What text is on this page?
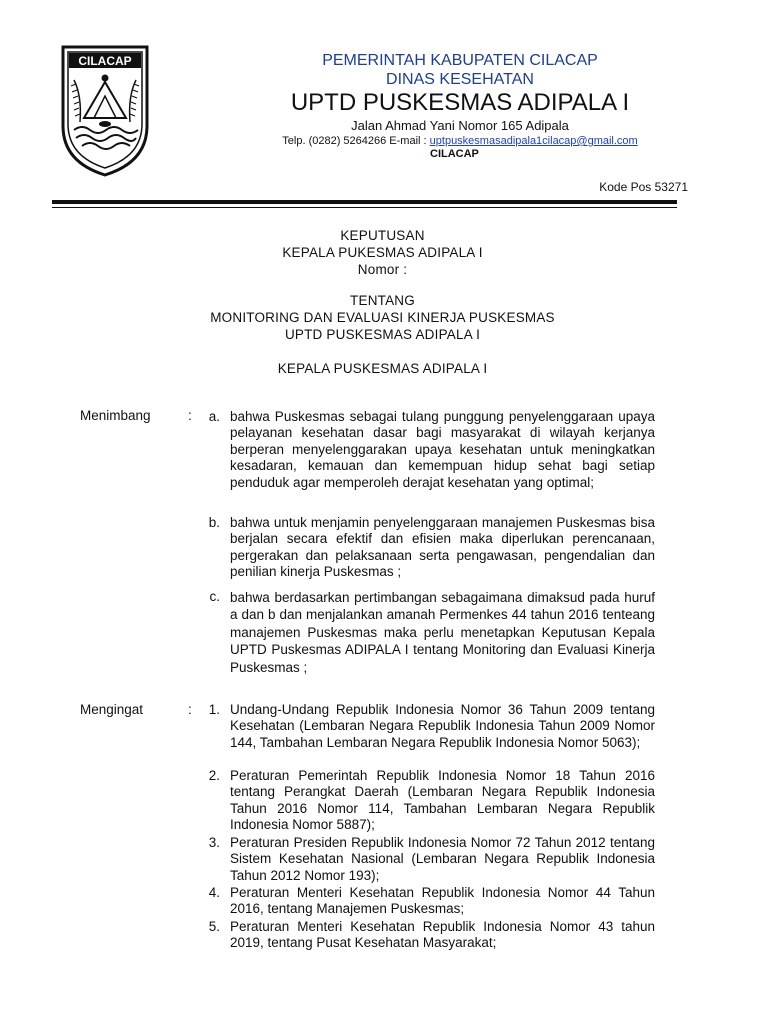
CILACAP	PEMERINTAH KABUPATEN CILACAP
DINAS KESEHATAN
UPTD PUSKESMAS ADIPALA I
Jalan Ahmad Yani Nomor 165 Adipala
Telp. (0282) 5264266 E-mail : uptpuskesmasadipala1cilacap@gmail.com
CILACAP
Kode Pos 53271
KEPUTUSAN
KEPALA PUKESMAS ADIPALA I
Nomor :
TENTANG
MONITORING DAN EVALUASI KINERJA PUSKESMAS
UPTD PUSKESMAS ADIPALA I
KEPALA PUSKESMAS ADIPALA I
Menimbang	:	a. bahwa Puskesmas sebagai tulang punggung penyelenggaraan upaya pelayanan kesehatan dasar bagi masyarakat di wilayah kerjanya berperan menyelenggarakan upaya kesehatan untuk meningkatkan kesadaran, kemauan dan kemempuan hidup sehat bagi setiap penduduk agar memperoleh derajat kesehatan yang optimal;
b. bahwa untuk menjamin penyelenggaraan manajemen Puskesmas bisa berjalan secara efektif dan efisien maka diperlukan perencanaan, pergerakan dan pelaksanaan serta pengawasan, pengendalian dan penilian kinerja Puskesmas ;
c. bahwa berdasarkan pertimbangan sebagaimana dimaksud pada huruf a dan b dan menjalankan amanah Permenkes 44 tahun 2016 tenteang manajemen Puskesmas maka perlu menetapkan Keputusan Kepala UPTD Puskesmas ADIPALA I tentang Monitoring dan Evaluasi Kinerja Puskesmas ;
Mengingat	:	1. Undang-Undang Republik Indonesia Nomor 36 Tahun 2009 tentang Kesehatan (Lembaran Negara Republik Indonesia Tahun 2009 Nomor 144, Tambahan Lembaran Negara Republik Indonesia Nomor 5063);
2. Peraturan Pemerintah Republik Indonesia Nomor 18 Tahun 2016 tentang Perangkat Daerah (Lembaran Negara Republik Indonesia Tahun 2016 Nomor 114, Tambahan Lembaran Negara Republik Indonesia Nomor 5887);
3. Peraturan Presiden Republik Indonesia Nomor 72 Tahun 2012 tentang Sistem Kesehatan Nasional (Lembaran Negara Republik Indonesia Tahun 2012 Nomor 193);
4. Peraturan Menteri Kesehatan Republik Indonesia Nomor 44 Tahun 2016, tentang Manajemen Puskesmas;
5. Peraturan Menteri Kesehatan Republik Indonesia Nomor 43 tahun 2019, tentang Pusat Kesehatan Masyarakat;
